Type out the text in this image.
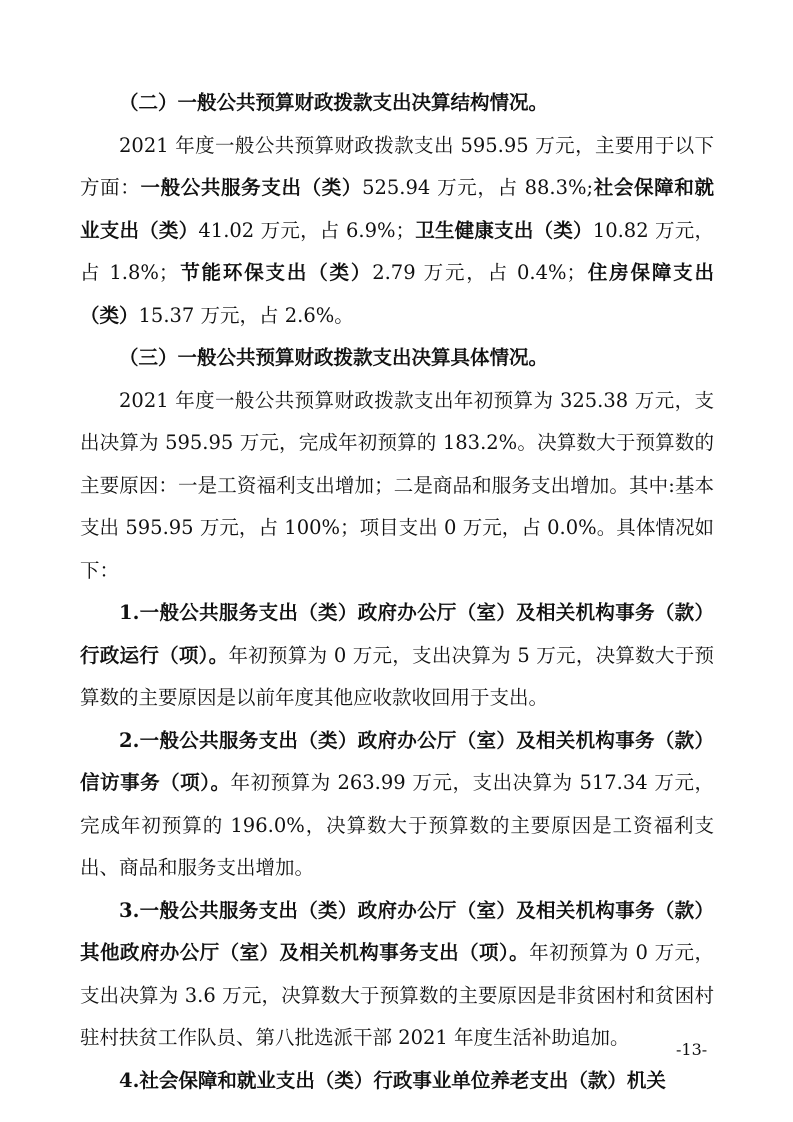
（二）一般公共预算财政拨款支出决算结构情况。

2021 年度一般公共预算财政拨款支出 595.95 万元，主要用于以下方面：一般公共服务支出（类）525.94 万元，占 88.3%;社会保障和就业支出（类）41.02 万元，占 6.9%；卫生健康支出（类）10.82 万元，占 1.8%；节能环保支出（类）2.79 万元，占 0.4%；住房保障支出（类）15.37 万元，占 2.6%。

（三）一般公共预算财政拨款支出决算具体情况。

2021 年度一般公共预算财政拨款支出年初预算为 325.38 万元，支出决算为 595.95 万元，完成年初预算的 183.2%。决算数大于预算数的主要原因：一是工资福利支出增加；二是商品和服务支出增加。其中:基本支出 595.95 万元，占 100%；项目支出 0 万元，占 0.0%。具体情况如下：

1.一般公共服务支出（类）政府办公厅（室）及相关机构事务（款）行政运行（项）。年初预算为 0 万元，支出决算为 5 万元，决算数大于预算数的主要原因是以前年度其他应收款收回用于支出。

2.一般公共服务支出（类）政府办公厅（室）及相关机构事务（款）信访事务（项）。年初预算为 263.99 万元，支出决算为 517.34 万元，完成年初预算的 196.0%，决算数大于预算数的主要原因是工资福利支出、商品和服务支出增加。

3.一般公共服务支出（类）政府办公厅（室）及相关机构事务（款）其他政府办公厅（室）及相关机构事务支出（项）。年初预算为 0 万元，支出决算为 3.6 万元，决算数大于预算数的主要原因是非贫困村和贫困村驻村扶贫工作队员、第八批选派干部 2021 年度生活补助追加。

4.社会保障和就业支出（类）行政事业单位养老支出（款）机关

-13-
